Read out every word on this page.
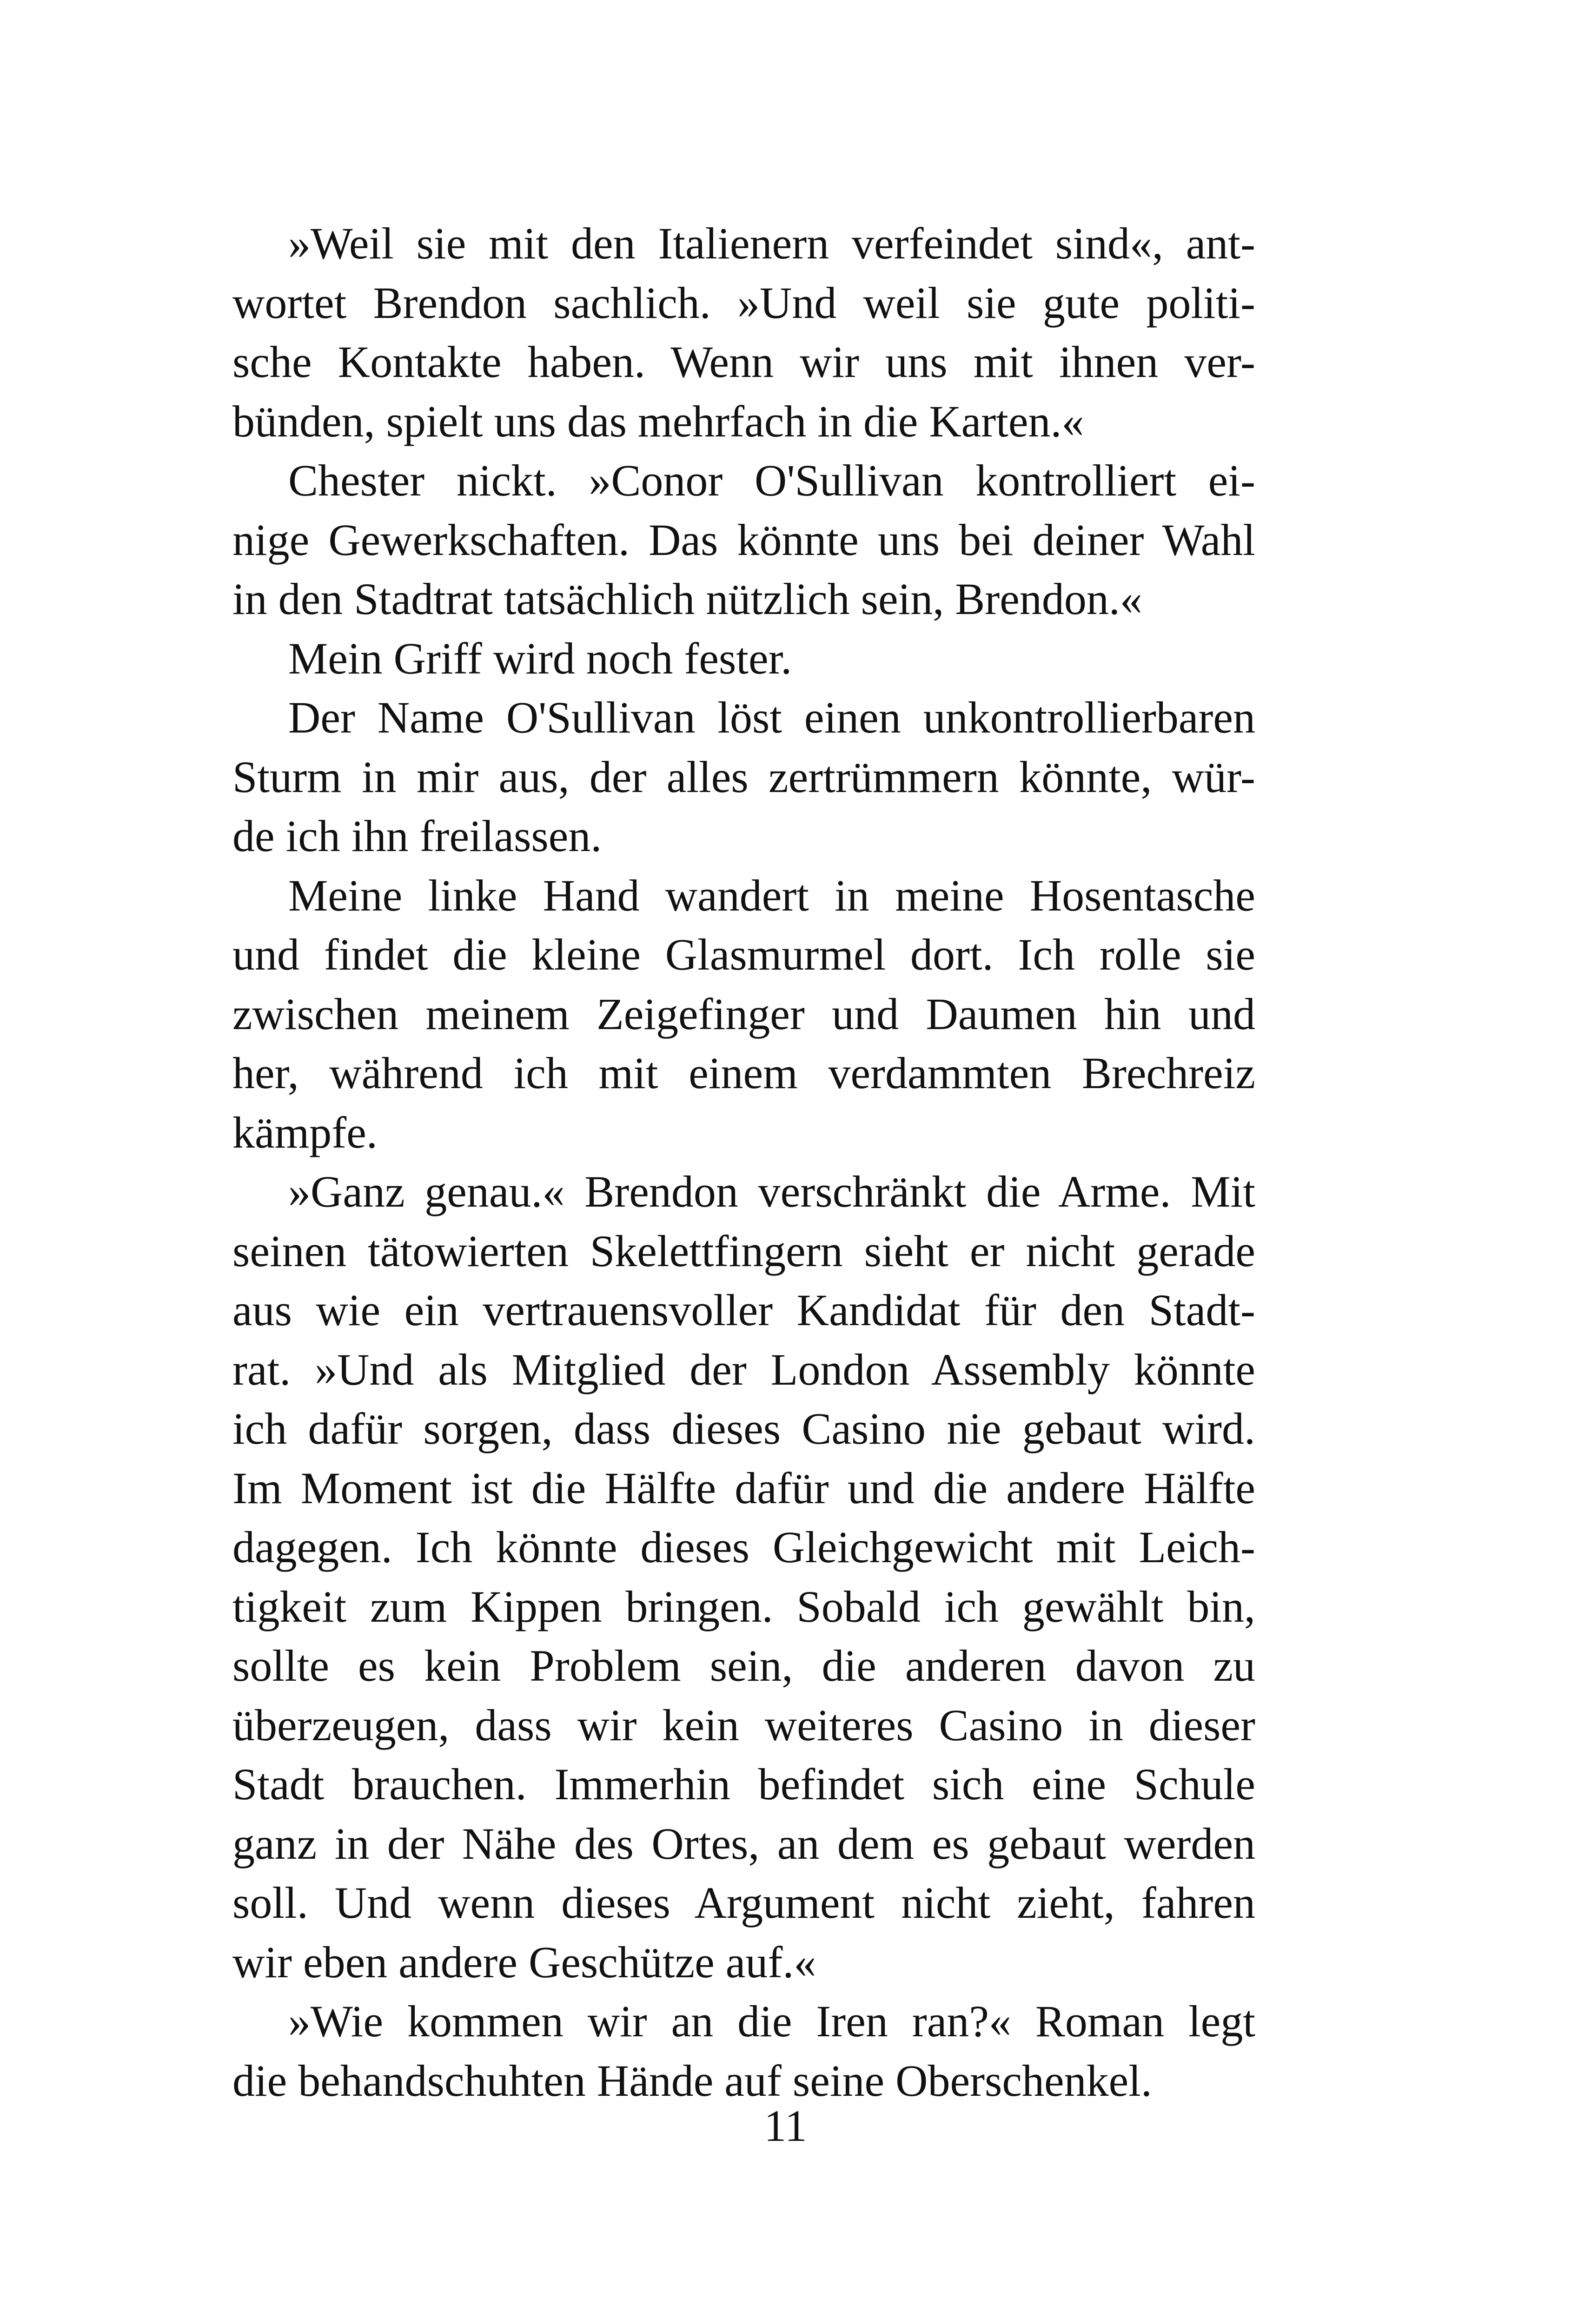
»Weil sie mit den Italienern verfeindet sind«, ant-
wortet Brendon sachlich. »Und weil sie gute politi-
sche Kontakte haben. Wenn wir uns mit ihnen ver-
bünden, spielt uns das mehrfach in die Karten.«
Chester nickt. »Conor O'Sullivan kontrolliert ei-
nige Gewerkschaften. Das könnte uns bei deiner Wahl
in den Stadtrat tatsächlich nützlich sein, Brendon.«
Mein Griff wird noch fester.
Der Name O'Sullivan löst einen unkontrollierbaren
Sturm in mir aus, der alles zertrümmern könnte, wür-
de ich ihn freilassen.
Meine linke Hand wandert in meine Hosentasche
und findet die kleine Glasmurmel dort. Ich rolle sie
zwischen meinem Zeigefinger und Daumen hin und
her, während ich mit einem verdammten Brechreiz
kämpfe.
»Ganz genau.« Brendon verschränkt die Arme. Mit
seinen tätowierten Skelettfingern sieht er nicht gerade
aus wie ein vertrauensvoller Kandidat für den Stadt-
rat. »Und als Mitglied der London Assembly könnte
ich dafür sorgen, dass dieses Casino nie gebaut wird.
Im Moment ist die Hälfte dafür und die andere Hälfte
dagegen. Ich könnte dieses Gleichgewicht mit Leich-
tigkeit zum Kippen bringen. Sobald ich gewählt bin,
sollte es kein Problem sein, die anderen davon zu
überzeugen, dass wir kein weiteres Casino in dieser
Stadt brauchen. Immerhin befindet sich eine Schule
ganz in der Nähe des Ortes, an dem es gebaut werden
soll. Und wenn dieses Argument nicht zieht, fahren
wir eben andere Geschütze auf.«
»Wie kommen wir an die Iren ran?« Roman legt
die behandschuhten Hände auf seine Oberschenkel.
11
